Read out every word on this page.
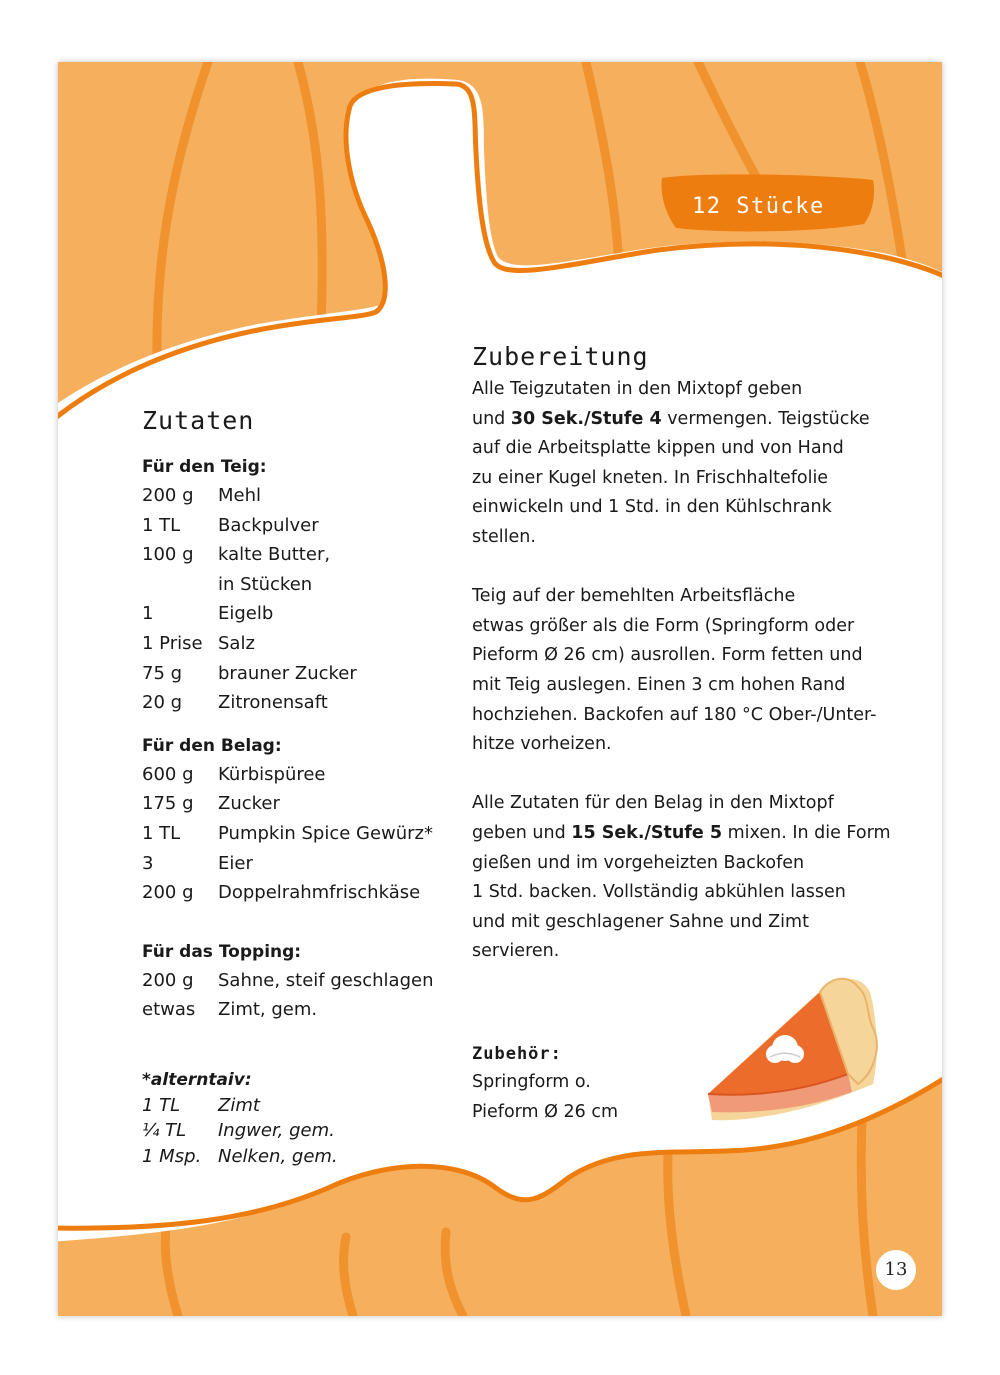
12 Stücke
Zutaten
Für den Teig:
200 g Mehl
1 TL Backpulver
100 g kalte Butter,
in Stücken
1	Eigelb
1 Prise Salz
75 g brauner Zucker
20 g Zitronensaft
Für den Belag:
600 g Kürbispüree
175 g Zucker
1 TL Pumpkin Spice Gewürz*
3	Eier
200 g Doppelrahmfrischkäse
Für das Topping:
200 g Sahne, steif geschlagen
etwas Zimt, gem.
*alterntaiv:
1 TL Zimt
¼ TL Ingwer, gem.
1 Msp. Nelken, gem.
Zubereitung
Alle Teigzutaten in den Mixtopf geben
und 30 Sek./Stufe 4 vermengen. Teigstücke
auf die Arbeitsplatte kippen und von Hand
zu einer Kugel kneten. In Frischhaltefolie
einwickeln und 1 Std. in den Kühlschrank
stellen.
Teig auf der bemehlten Arbeitsfläche
etwas größer als die Form (Springform oder
Pieform Ø 26 cm) ausrollen. Form fetten und
mit Teig auslegen. Einen 3 cm hohen Rand
hochziehen. Backofen auf 180 °C Ober-/Unter-
hitze vorheizen.
Alle Zutaten für den Belag in den Mixtopf
geben und 15 Sek./Stufe 5 mixen. In die Form
gießen und im vorgeheizten Backofen
1 Std. backen. Vollständig abkühlen lassen
und mit geschlagener Sahne und Zimt
servieren.
Zubehör:
Springform o.
Pieform Ø 26 cm
13
